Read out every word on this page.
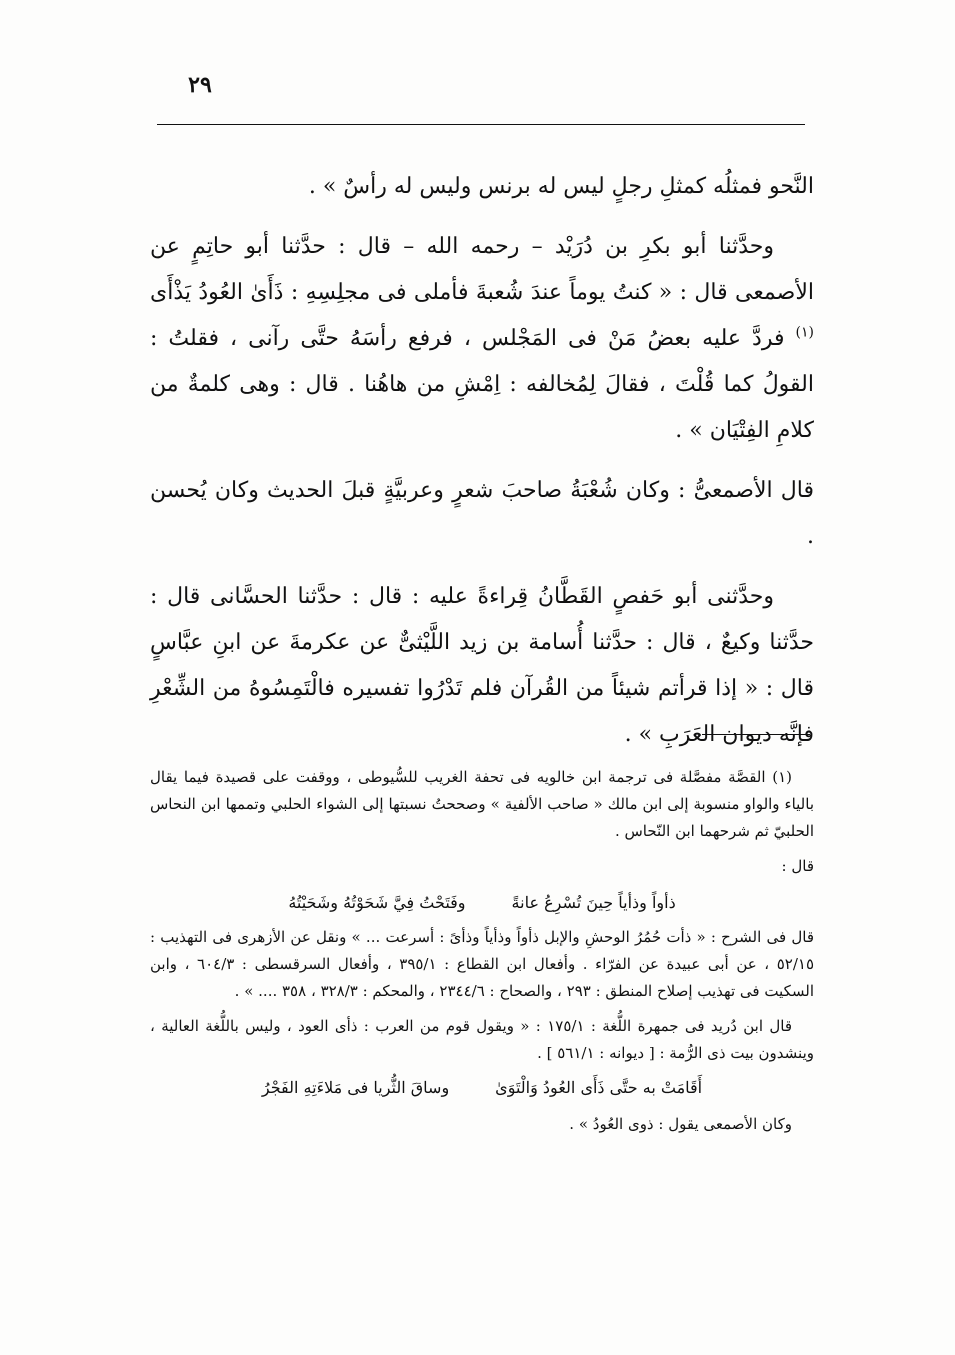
٢٩

النَّحو فمثلُه كمثلِ رجلٍ ليس له برنس وليس له رأسٌ » .

وحدَّثنا أبو بكرِ بن دُرَيْد – رحمه الله – قال : حدَّثنا أبو حاتِمٍ عن الأصمعى قال : « كنتُ يوماً عندَ شُعبةَ فأملى فى مجلِسِهِ : ذَأَىٰ العُودُ يَذْأَى $^{(١)}$ فردَّ عليه بعضُ مَنْ فى المَجْلس ، فرفع رأسَهُ حتَّى رآنى ، فقلتُ : القولُ كما قُلْتَ ، فقالَ لِمُخالفه : اِمْشِ من هاهُنا . قال : وهى كلمةٌ من كلامِ الفِتْيَان » .

قال الأصمعىُّ : وكان شُعْبَةُ صاحبَ شعرٍ وعربيَّةٍ قبلَ الحديث وكان يُحسن .

وحدَّثنى أبو حَفصٍ القَطَّانُ قِراءةً عليه : قال : حدَّثنا الحسَّانى قال : حدَّثنا وكيعٌ ، قال : حدَّثنا أُسامة بن زيد اللَّيْثىٌّ عن عكرمةَ عن ابنِ عبَّاسٍ قال : « إذا قرأتم شيئاً من القُرآن فلم تَدْرُوا تفسيره فالْتَمِسُوهُ من الشِّعْرِ فإنَّه ديوان العَرَبِ » .

(١) القصَّة مفصَّلة فى ترجمة ابن خالويه فى تحفة الغريب للسُّيوطى ، ووقفت على قصيدة فيما يقال بالياء والواو منسوبة إلى ابن مالك « صاحب الألفية » وصححتُ نسبتها إلى الشواء الحلبي وتممها ابن النحاس الحلبيّ ثم شرحهما ابن النّحاس .

قال :

ذأواً وذأياً حِينَ تُسْرِعُ عانةً
وفَتَحْتُ فِيَّ شَحَوْتُهُ وشَحَيْتُهُ

قال فى الشرح : « ذأت حُمُرُ الوحشِ والإبل ذأواً وذأياً وذأىً : أسرعت ... » ونقل عن الأزهرى فى التهذيب : ٥٢/١٥ ، عن أبى عبيدة عن الفرّاء . وأفعال ابن القطاع : ٣٩٥/١ ، وأفعال السرقسطى : ٦٠٤/٣ ، وابن السكيت فى تهذيب إصلاح المنطق : ٢٩٣ ، والصحاح : ٢٣٤٤/٦ ، والمحكم : ٣٢٨/٣ ، ٣٥٨ .... » .

قال ابن دُريد فى جمهرة اللُّغة : ١٧٥/١ : « ويقول قوم من العرب : ذأى العود ، وليس باللُّغة العالية ، وينشدون بيت ذى الرُّمة : [ ديوانه : ٥٦١/١ ] .

أَقَامَتْ به حتَّى ذَأَى العُودُ وَالْتَوَىٰ
وساقَ الثُّريا فى مَلاءَتِهِ الفَجْرُ

وكان الأصمعى يقول : ذوى العُودُ » .
